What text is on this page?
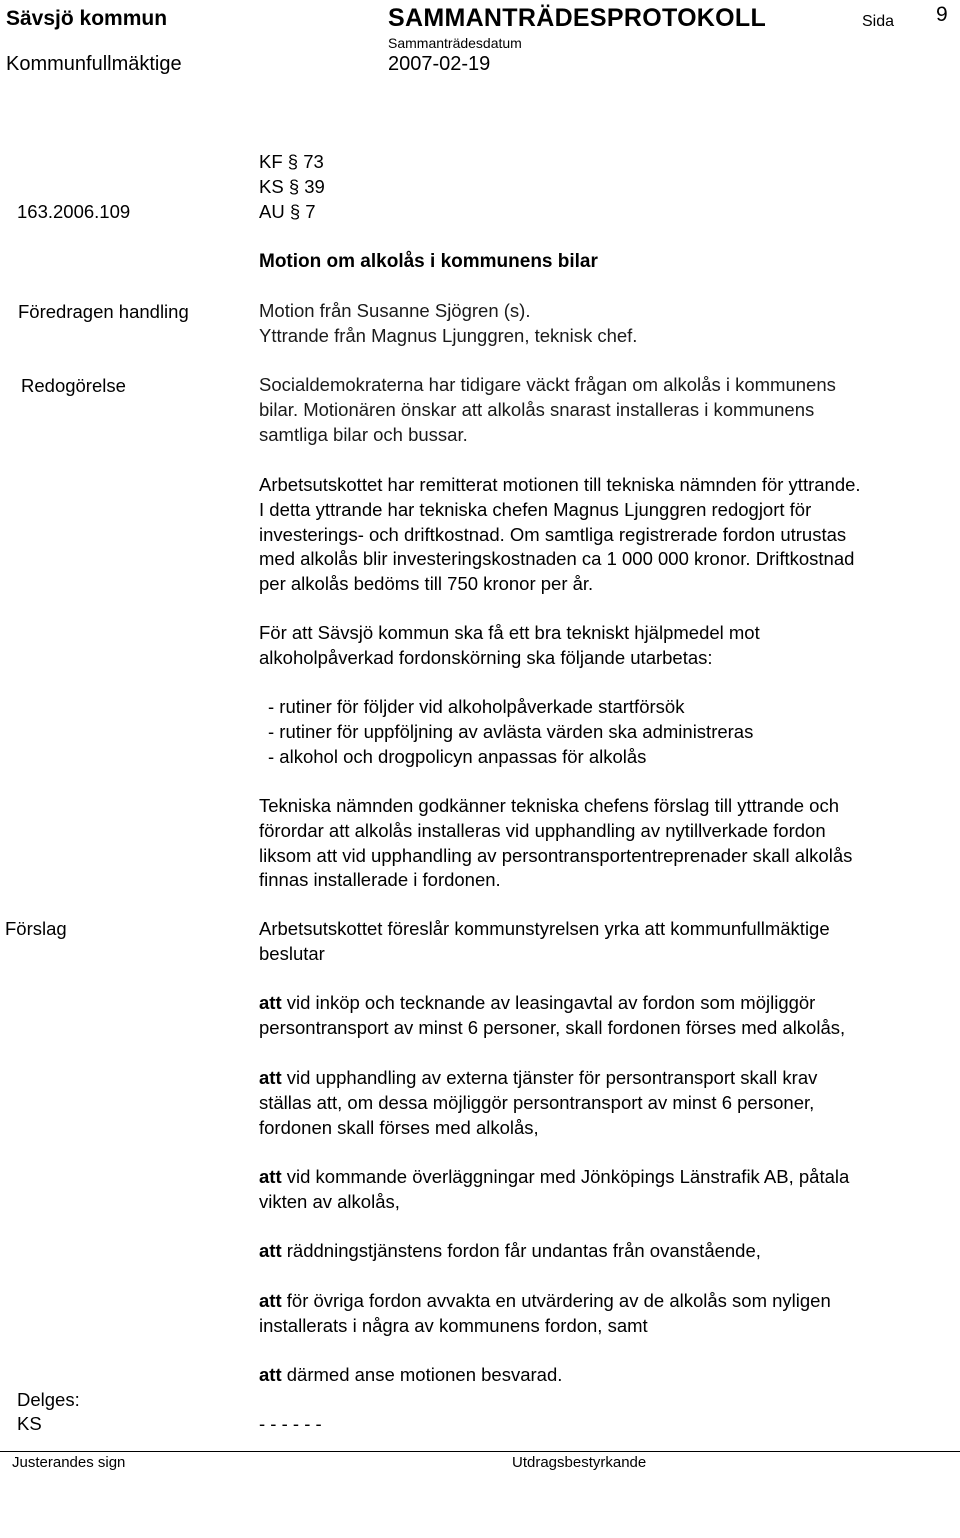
Sävsjö kommun	SAMMANTRÄDESPROTOKOLL	Sida 9
Sammanträdesdatum
Kommunfullmäktige	2007-02-19
KF § 73
KS § 39
AU § 7
163.2006.109
Motion om alkolås i kommunens bilar
Föredragen handling	Motion från Susanne Sjögren (s).
Yttrande från Magnus Ljunggren, teknisk chef.
Redogörelse	Socialdemokraterna har tidigare väckt frågan om alkolås i kommunens
bilar. Motionären önskar att alkolås snarast installeras i kommunens
samtliga bilar och bussar.
Arbetsutskottet har remitterat motionen till tekniska nämnden för yttrande.
I detta yttrande har tekniska chefen Magnus Ljunggren redogjort för
investerings- och driftkostnad. Om samtliga registrerade fordon utrustas
med alkolås blir investeringskostnaden ca 1 000 000 kronor. Driftkostnad
per alkolås bedöms till 750 kronor per år.
För att Sävsjö kommun ska få ett bra tekniskt hjälpmedel mot
alkoholpåverkad fordonskörning ska följande utarbetas:
- rutiner för följder vid alkoholpåverkade startförsök
- rutiner för uppföljning av avlästa värden ska administreras
- alkohol och drogpolicyn anpassas för alkolås
Tekniska nämnden godkänner tekniska chefens förslag till yttrande och
förordar att alkolås installeras vid upphandling av nytillverkade fordon
liksom att vid upphandling av persontransportentreprenader skall alkolås
finnas installerade i fordonen.
Förslag	Arbetsutskottet föreslår kommunstyrelsen yrka att kommunfullmäktige
beslutar
att vid inköp och tecknande av leasingavtal av fordon som möjliggör
persontransport av minst 6 personer, skall fordonen förses med alkolås,
att vid upphandling av externa tjänster för persontransport skall krav
ställas att, om dessa möjliggör persontransport av minst 6 personer,
fordonen skall förses med alkolås,
att vid kommande överläggningar med Jönköpings Länstrafik AB, påtala
vikten av alkolås,
att räddningstjänstens fordon får undantas från ovanstående,
att för övriga fordon avvakta en utvärdering av de alkolås som nyligen
installerats i några av kommunens fordon, samt
att därmed anse motionen besvarad.
Delges:
KS	- - - - - -
Justerandes sign	Utdragsbestyrkande
